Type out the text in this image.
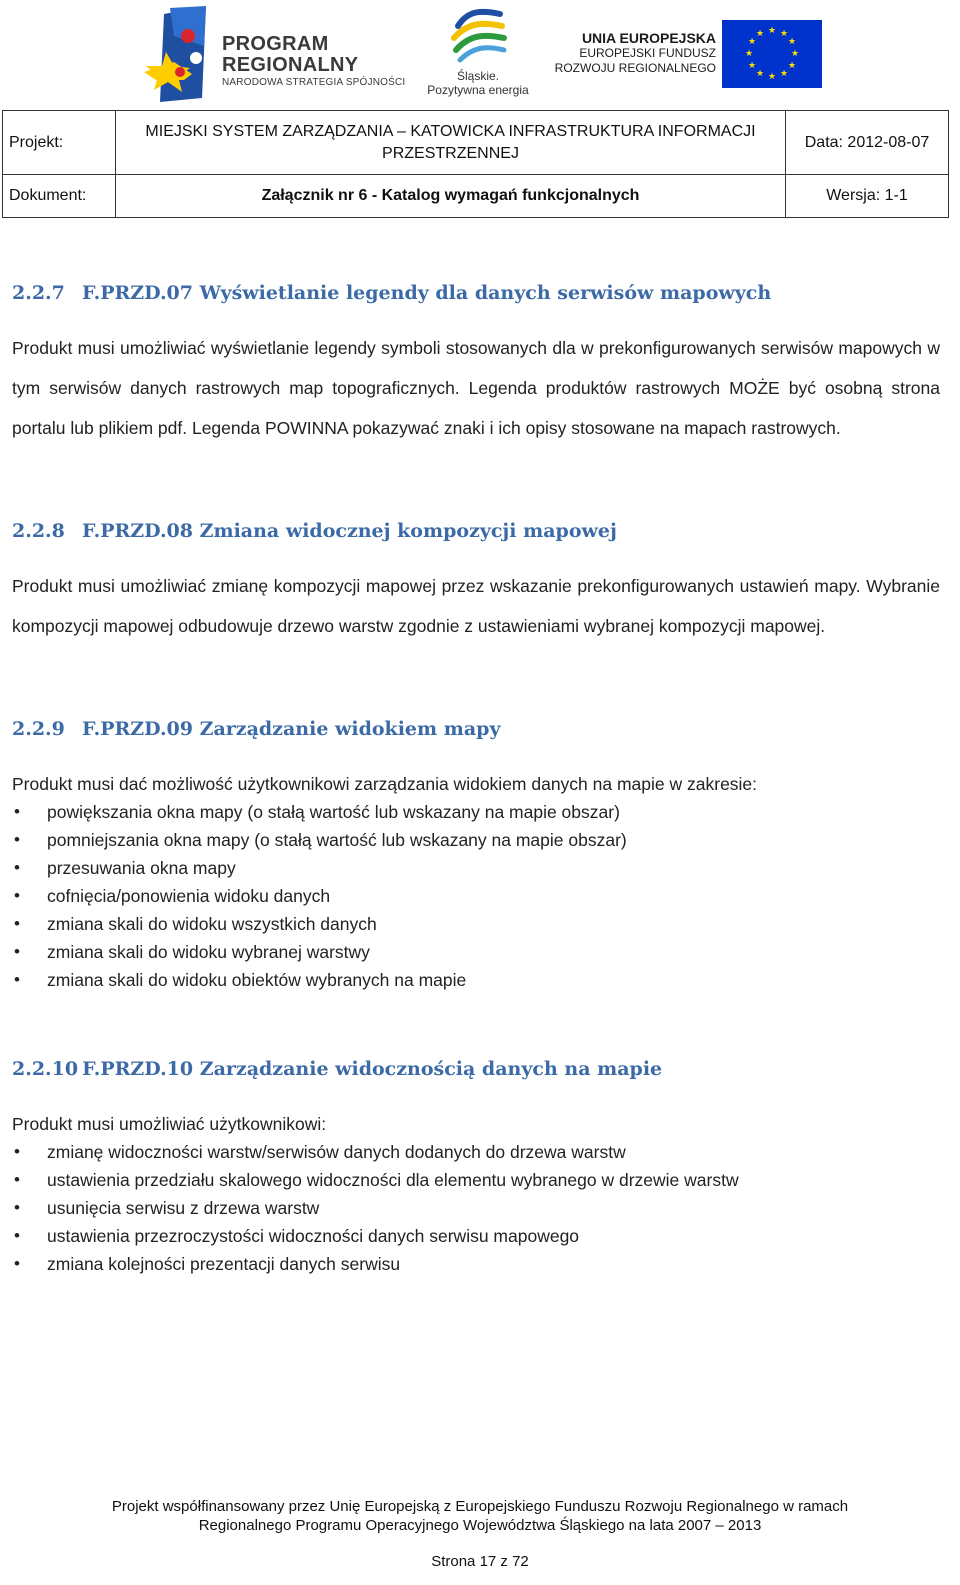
PROGRAM
REGIONALNY
NARODOWA STRATEGIA SPÓJNOŚCI	Śląskie.
Pozytywna energia
UNIA EUROPEJSKA
EUROPEJSKI FUNDUSZ
ROZWOJU REGIONALNEGO
★ ★
★
★
★
★
★
★
★
★
★
★
Projekt:	MIEJSKI SYSTEM ZARZĄDZANIA – KATOWICKA INFRASTRUKTURA INFORMACJI PRZESTRZENNEJ	Data: 2012-08-07
Dokument:	Załącznik nr 6 - Katalog wymagań funkcjonalnych	Wersja: 1-1
2.2.7 F.PRZD.07 Wyświetlanie legendy dla danych serwisów mapowych
Produkt musi umożliwiać wyświetlanie legendy symboli stosowanych dla w prekonfigurowanych serwisów mapowych w tym serwisów danych rastrowych map topograficznych. Legenda produktów rastrowych MOŻE być osobną strona portalu lub plikiem pdf. Legenda POWINNA pokazywać znaki i ich opisy stosowane na mapach rastrowych.
2.2.8 F.PRZD.08 Zmiana widocznej kompozycji mapowej
Produkt musi umożliwiać zmianę kompozycji mapowej przez wskazanie prekonfigurowanych ustawień mapy. Wybranie kompozycji mapowej odbudowuje drzewo warstw zgodnie z ustawieniami wybranej kompozycji mapowej.
2.2.9 F.PRZD.09 Zarządzanie widokiem mapy
Produkt musi dać możliwość użytkownikowi zarządzania widokiem danych na mapie w zakresie:
• powiększania okna mapy (o stałą wartość lub wskazany na mapie obszar)
• pomniejszania okna mapy (o stałą wartość lub wskazany na mapie obszar)
• przesuwania okna mapy
• cofnięcia/ponowienia widoku danych
• zmiana skali do widoku wszystkich danych
• zmiana skali do widoku wybranej warstwy
• zmiana skali do widoku obiektów wybranych na mapie
2.2.10 F.PRZD.10 Zarządzanie widocznością danych na mapie
Produkt musi umożliwiać użytkownikowi:
• zmianę widoczności warstw/serwisów danych dodanych do drzewa warstw
• ustawienia przedziału skalowego widoczności dla elementu wybranego w drzewie warstw
• usunięcia serwisu z drzewa warstw
• ustawienia przezroczystości widoczności danych serwisu mapowego
• zmiana kolejności prezentacji danych serwisu
Projekt współfinansowany przez Unię Europejską z Europejskiego Funduszu Rozwoju Regionalnego w ramach
Regionalnego Programu Operacyjnego Województwa Śląskiego na lata 2007 – 2013
Strona 17 z 72
